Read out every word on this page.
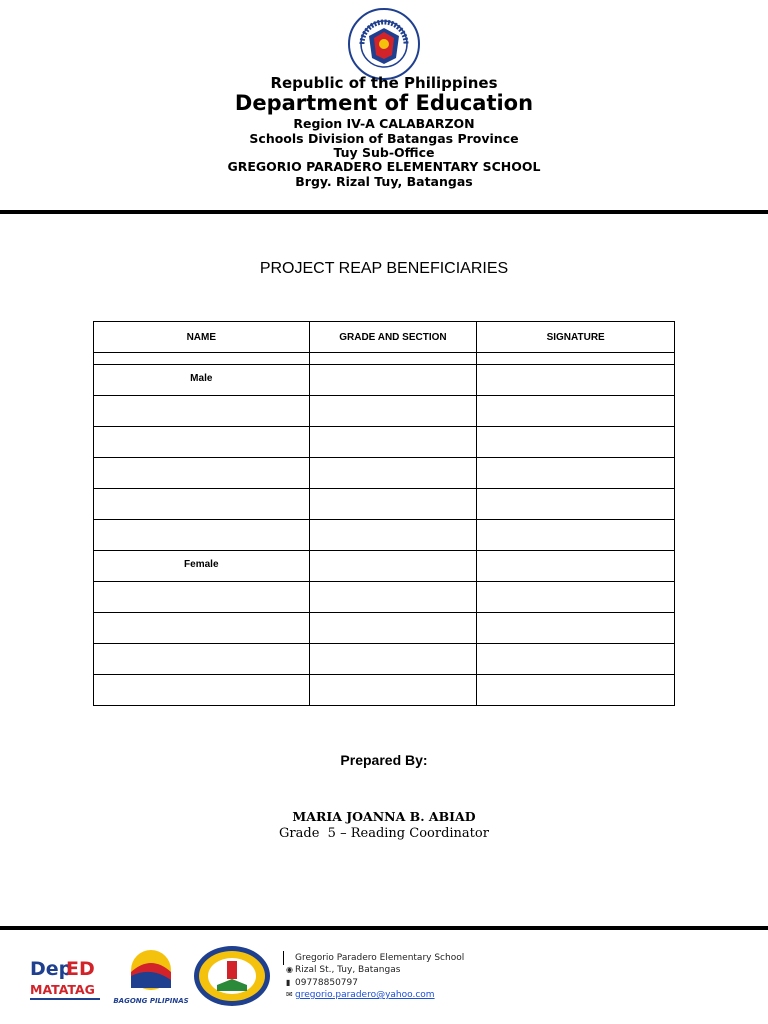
Republic of the Philippines
Department of Education
Region IV-A CALABARZON
Schools Division of Batangas Province
Tuy Sub-Office
GREGORIO PARADERO ELEMENTARY SCHOOL
Brgy. Rizal Tuy, Batangas
PROJECT REAP BENEFICIARIES
NAME	GRADE AND SECTION	SIGNATURE

Male		

Female		

Prepared By:
MARIA JOANNA B. ABIAD
Grade  5 – Reading Coordinator
Dep
ED
MATATAG
BAGONG PILIPINAS
Gregorio Paradero Elementary School
◉ Rizal St., Tuy, Batangas
▮ 09778850797
✉ gregorio.paradero@yahoo.com
